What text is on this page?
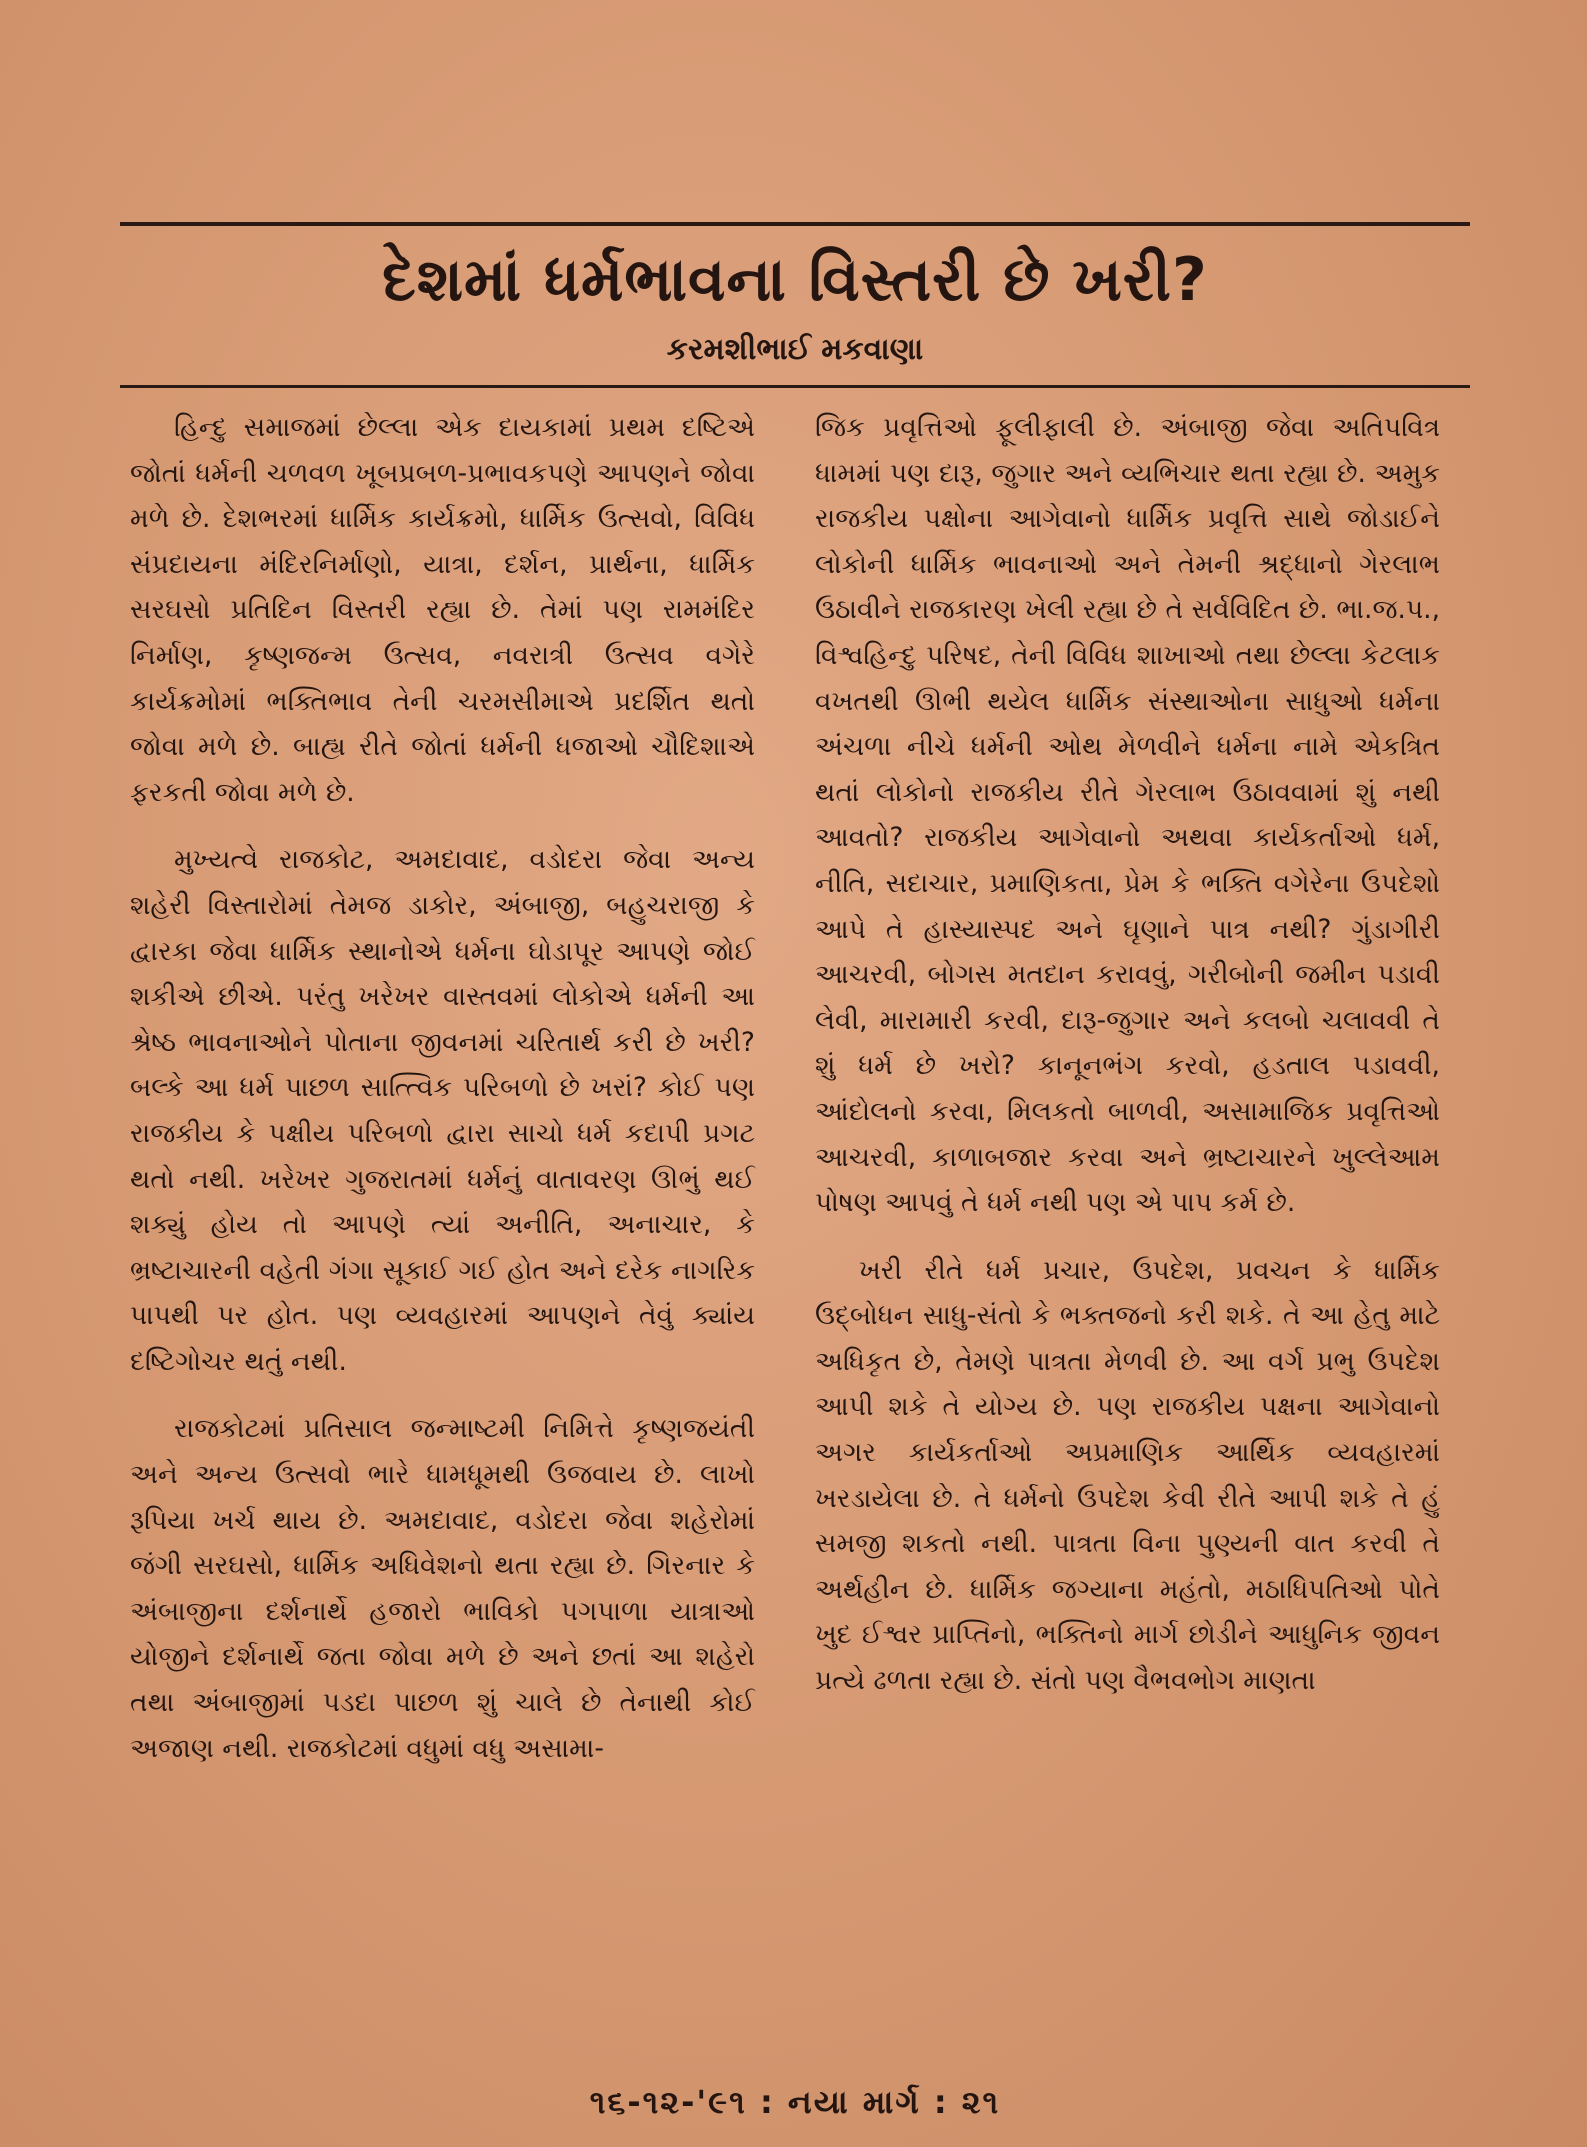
દેશમાં ધર્મભાવના વિસ્તરી છે ખરી?
કરમશીભાઈ મકવાણા

હિન્દુ સમાજમાં છેલ્લા એક દાયકામાં પ્રથમ દષ્ટિએ જોતાં ધર્મની ચળવળ ખૂબપ્રબળ-પ્રભાવકપણે આપણને જોવા મળે છે. દેશભરમાં ધાર્મિક કાર્યક્રમો, ધાર્મિક ઉત્સવો, વિવિધ સંપ્રદાયના મંદિરનિર્માણો, યાત્રા, દર્શન, પ્રાર્થના, ધાર્મિક સરઘસો પ્રતિદિન વિસ્તરી રહ્યા છે. તેમાં પણ રામમંદિર નિર્માણ, કૃષ્ણજન્મ ઉત્સવ, નવરાત્રી ઉત્સવ વગેરે કાર્યક્રમોમાં ભક્તિભાવ તેની ચરમસીમાએ પ્રદર્શિત થતો જોવા મળે છે. બાહ્ય રીતે જોતાં ધર્મની ધજાઓ ચૌદિશાએ ફરકતી જોવા મળે છે.

મુખ્યત્વે રાજકોટ, અમદાવાદ, વડોદરા જેવા અન્ય શહેરી વિસ્તારોમાં તેમજ ડાકોર, અંબાજી, બહુચરાજી કે દ્વારકા જેવા ધાર્મિક સ્થાનોએ ધર્મના ઘોડાપૂર આપણે જોઈ શકીએ છીએ. પરંતુ ખરેખર વાસ્તવમાં લોકોએ ધર્મની આ શ્રેષ્ઠ ભાવનાઓને પોતાના જીવનમાં ચરિતાર્થ કરી છે ખરી? બલ્કે આ ધર્મ પાછળ સાત્ત્વિક પરિબળો છે ખરાં? કોઈ પણ રાજકીય કે પક્ષીય પરિબળો દ્વારા સાચો ધર્મ કદાપી પ્રગટ થતો નથી. ખરેખર ગુજરાતમાં ધર્મનું વાતાવરણ ઊભું થઈ શક્યું હોય તો આપણે ત્યાં અનીતિ, અનાચાર, કે ભ્રષ્ટાચારની વહેતી ગંગા સૂકાઈ ગઈ હોત અને દરેક નાગરિક પાપથી પર હોત. પણ વ્યવહારમાં આપણને તેવું ક્યાંય દષ્ટિગોચર થતું નથી.

રાજકોટમાં પ્રતિસાલ જન્માષ્ટમી નિમિત્તે કૃષ્ણજયંતી અને અન્ય ઉત્સવો ભારે ધામધૂમથી ઉજવાય છે. લાખો રૂપિયા ખર્ચ થાય છે. અમદાવાદ, વડોદરા જેવા શહેરોમાં જંગી સરઘસો, ધાર્મિક અધિવેશનો થતા રહ્યા છે. ગિરનાર કે અંબાજીના દર્શનાર્થે હજારો ભાવિકો પગપાળા યાત્રાઓ યોજીને દર્શનાર્થે જતા જોવા મળે છે અને છતાં આ શહેરો તથા અંબાજીમાં પડદા પાછળ શું ચાલે છે તેનાથી કોઈ અજાણ નથી. રાજકોટમાં વધુમાં વધુ અસામા-

જિક પ્રવૃત્તિઓ ફૂલીફાલી છે. અંબાજી જેવા અતિપવિત્ર ધામમાં પણ દારૂ, જુગાર અને વ્યભિચાર થતા રહ્યા છે. અમુક રાજકીય પક્ષોના આગેવાનો ધાર્મિક પ્રવૃત્તિ સાથે જોડાઈને લોકોની ધાર્મિક ભાવનાઓ અને તેમની શ્રદ્ધાનો ગેરલાભ ઉઠાવીને રાજકારણ ખેલી રહ્યા છે તે સર્વવિદિત છે. ભા.જ.પ., વિશ્વહિન્દુ પરિષદ, તેની વિવિધ શાખાઓ તથા છેલ્લા કેટલાક વખતથી ઊભી થયેલ ધાર્મિક સંસ્થાઓના સાધુઓ ધર્મના અંચળા નીચે ધર્મની ઓથ મેળવીને ધર્મના નામે એકત્રિત થતાં લોકોનો રાજકીય રીતે ગેરલાભ ઉઠાવવામાં શું નથી આવતો? રાજકીય આગેવાનો અથવા કાર્યકર્તાઓ ધર્મ, નીતિ, સદાચાર, પ્રમાણિકતા, પ્રેમ કે ભક્તિ વગેરેના ઉપદેશો આપે તે હાસ્યાસ્પદ અને ઘૃણાને પાત્ર નથી? ગુંડાગીરી આચરવી, બોગસ મતદાન કરાવવું, ગરીબોની જમીન પડાવી લેવી, મારામારી કરવી, દારૂ-જુગાર અને કલબો ચલાવવી તે શું ધર્મ છે ખરો? કાનૂનભંગ કરવો, હડતાલ પડાવવી, આંદોલનો કરવા, મિલકતો બાળવી, અસામાજિક પ્રવૃત્તિઓ આચરવી, કાળાબજાર કરવા અને ભ્રષ્ટાચારને ખુલ્લેઆમ પોષણ આપવું તે ધર્મ નથી પણ એ પાપ કર્મ છે.

ખરી રીતે ધર્મ પ્રચાર, ઉપદેશ, પ્રવચન કે ધાર્મિક ઉદ્બોધન સાધુ-સંતો કે ભક્તજનો કરી શકે. તે આ હેતુ માટે અધિકૃત છે, તેમણે પાત્રતા મેળવી છે. આ વર્ગ પ્રભુ ઉપદેશ આપી શકે તે યોગ્ય છે. પણ રાજકીય પક્ષના આગેવાનો અગર કાર્યકર્તાઓ અપ્રમાણિક આર્થિક વ્યવહારમાં ખરડાયેલા છે. તે ધર્મનો ઉપદેશ કેવી રીતે આપી શકે તે હું સમજી શકતો નથી. પાત્રતા વિના પુણ્યની વાત કરવી તે અર્થહીન છે. ધાર્મિક જગ્યાના મહંતો, મઠાધિપતિઓ પોતે ખુદ ઈશ્વર પ્રાપ્તિનો, ભક્તિનો માર્ગ છોડીને આધુનિક જીવન પ્રત્યે ઢળતા રહ્યા છે. સંતો પણ વૈભવભોગ માણતા

૧૬-૧૨-'૯૧ : નયા માર્ગ : ૨૧
